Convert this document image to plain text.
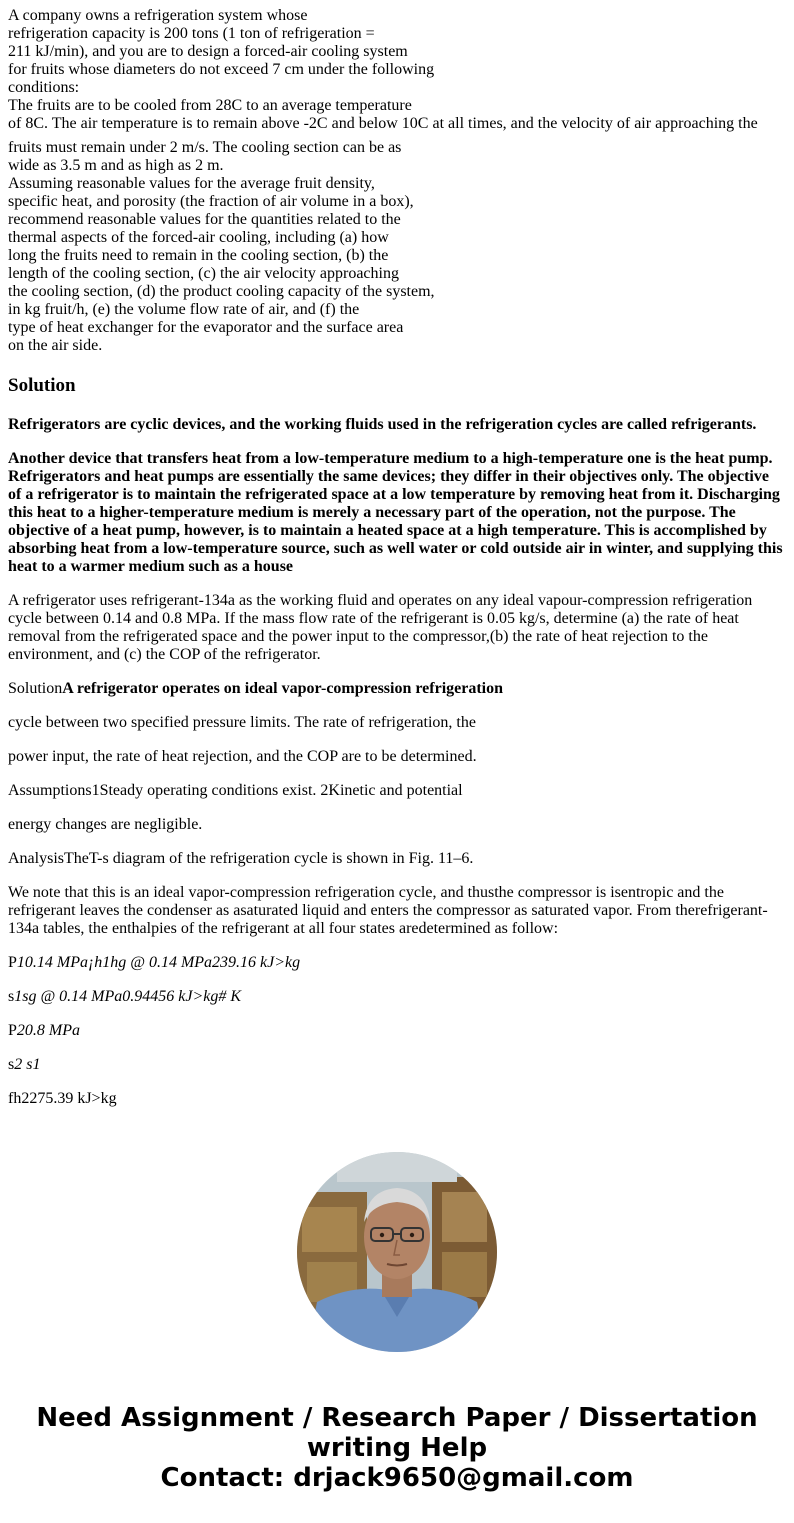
A company owns a refrigeration system whose
refrigeration capacity is 200 tons (1 ton of refrigeration =
211 kJ/min), and you are to design a forced-air cooling system
for fruits whose diameters do not exceed 7 cm under the following
conditions:
The fruits are to be cooled from 28C to an average temperature
of 8C. The air temperature is to remain above -2C and below 10C at all times, and the velocity of air approaching the
fruits must remain under 2 m/s. The cooling section can be as
wide as 3.5 m and as high as 2 m.
Assuming reasonable values for the average fruit density,
specific heat, and porosity (the fraction of air volume in a box),
recommend reasonable values for the quantities related to the
thermal aspects of the forced-air cooling, including (a) how
long the fruits need to remain in the cooling section, (b) the
length of the cooling section, (c) the air velocity approaching
the cooling section, (d) the product cooling capacity of the system,
in kg fruit/h, (e) the volume flow rate of air, and (f) the
type of heat exchanger for the evaporator and the surface area
on the air side.
Solution

Refrigerators are cyclic devices, and the working fluids used in the refrigeration cycles are called refrigerants.

Another device that transfers heat from a low-temperature medium to a high-temperature one is the heat pump. Refrigerators and heat pumps are essentially the same devices; they differ in their objectives only. The objective of a refrigerator is to maintain the refrigerated space at a low temperature by removing heat from it. Discharging this heat to a higher-temperature medium is merely a necessary part of the operation, not the purpose. The objective of a heat pump, however, is to maintain a heated space at a high temperature. This is accomplished by absorbing heat from a low-temperature source, such as well water or cold outside air in winter, and supplying this heat to a warmer medium such as a house

A refrigerator uses refrigerant-134a as the working fluid and operates on any ideal vapour-compression refrigeration cycle between 0.14 and 0.8 MPa. If the mass flow rate of the refrigerant is 0.05 kg/s, determine (a) the rate of heat removal from the refrigerated space and the power input to the compressor,(b) the rate of heat rejection to the environment, and (c) the COP of the refrigerator.

SolutionA refrigerator operates on ideal vapor-compression refrigeration

cycle between two specified pressure limits. The rate of refrigeration, the

power input, the rate of heat rejection, and the COP are to be determined.

Assumptions1Steady operating conditions exist. 2Kinetic and potential

energy changes are negligible.

AnalysisTheT-s diagram of the refrigeration cycle is shown in Fig. 11–6.

We note that this is an ideal vapor-compression refrigeration cycle, and thusthe compressor is isentropic and the refrigerant leaves the condenser as asaturated liquid and enters the compressor as saturated vapor. From therefrigerant-134a tables, the enthalpies of the refrigerant at all four states aredetermined as follow:

P10.14 MPa¡h1hg @ 0.14 MPa239.16 kJ>kg

s1sg @ 0.14 MPa0.94456 kJ>kg# K

P20.8 MPa

s2 s1

fh2275.39 kJ>kg

Need Assignment / Research Paper / Dissertation
writing Help
Contact: drjack9650@gmail.com
